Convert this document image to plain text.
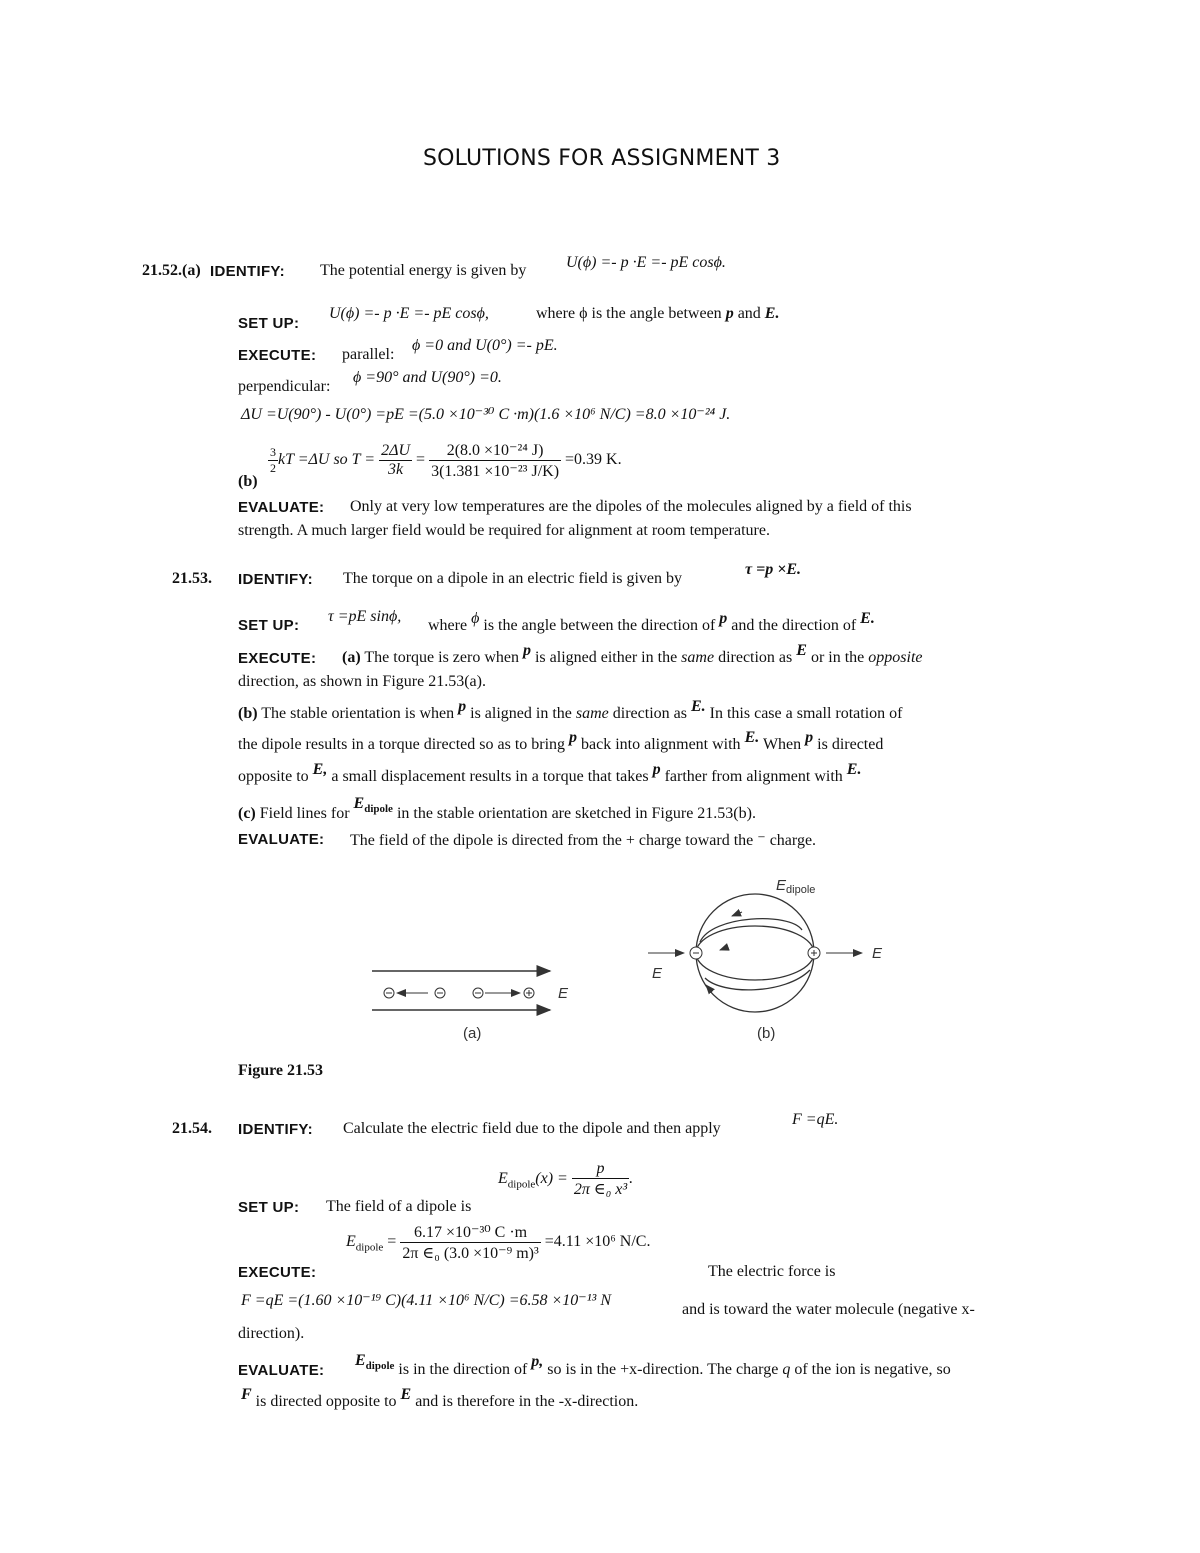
SOLUTIONS FOR ASSIGNMENT 3
21.52.(a) IDENTIFY: The potential energy is given by U(ϕ) =- p ·E =- pE cosϕ.
SET UP:
U(ϕ) =- p ·E =- pE cosϕ,	where ϕ is the angle between p and E.
EXECUTE: parallel:
ϕ =0 and U(0°) =- pE.
perpendicular:
ϕ =90° and U(90°) =0.
ΔU =U(90°) - U(0°) =pE =(5.0 ×10⁻³⁰ C ·m)(1.6 ×10⁶ N/C) =8.0 ×10⁻²⁴ J.
$\frac{3}{2}$ kT =ΔU so $T = \frac{2\Delta U}{3k} = \frac{\text{2(8.0 ×10⁻²⁴ J)}}{\text{3(1.381 ×10⁻²³ J/K)}} =0.39$ K.
(b)
EVALUATE: Only at very low temperatures are the dipoles of the molecules aligned by a field of this
strength. A much larger field would be required for alignment at room temperature.
21.53. IDENTIFY: The torque on a dipole in an electric field is given by
τ =p ×E.
SET UP:
τ =pE sinϕ,
where ϕ is the angle between the direction of p and the direction of E.
EXECUTE: (a) The torque is zero when p is aligned either in the same direction as E or in the opposite
direction, as shown in Figure 21.53(a).
(b) The stable orientation is when p is aligned in the same direction as E. In this case a small rotation of
the dipole results in a torque directed so as to bring p back into alignment with E. When p is directed
opposite to E, a small displacement results in a torque that takes p farther from alignment with E.
(c) Field lines for $E_{dipole}$ in the stable orientation are sketched in Figure 21.53(b).
EVALUATE: The field of the dipole is directed from the + charge toward the ⁻ charge.
E
(a)
E
E
$E_{dipole}$
(b)
Figure 21.53
21.54. IDENTIFY: Calculate the electric field due to the dipole and then apply
F =qE.
$E_{dipole}(x) = \frac{p}{\text{2π ∈₀ x³}}$ .
SET UP: The field of a dipole is
$E_{dipole} = \frac{\text{6.17 ×10⁻³⁰ C ·m}}{\text{2π ∈₀ (3.0 ×10⁻⁹ m)³}} =4.11 \times 10^6$ N/C.
EXECUTE:	The electric force is
F =qE =(1.60 ×10⁻¹⁹ C)(4.11 ×10⁶ N/C) =6.58 ×10⁻¹³ N
and is toward the water molecule (negative x-
direction).
EVALUATE:
$E_{dipole}$ is in the direction of p, so is in the +x-direction. The charge q of the ion is negative, so
F is directed opposite to E and is therefore in the -x-direction.
